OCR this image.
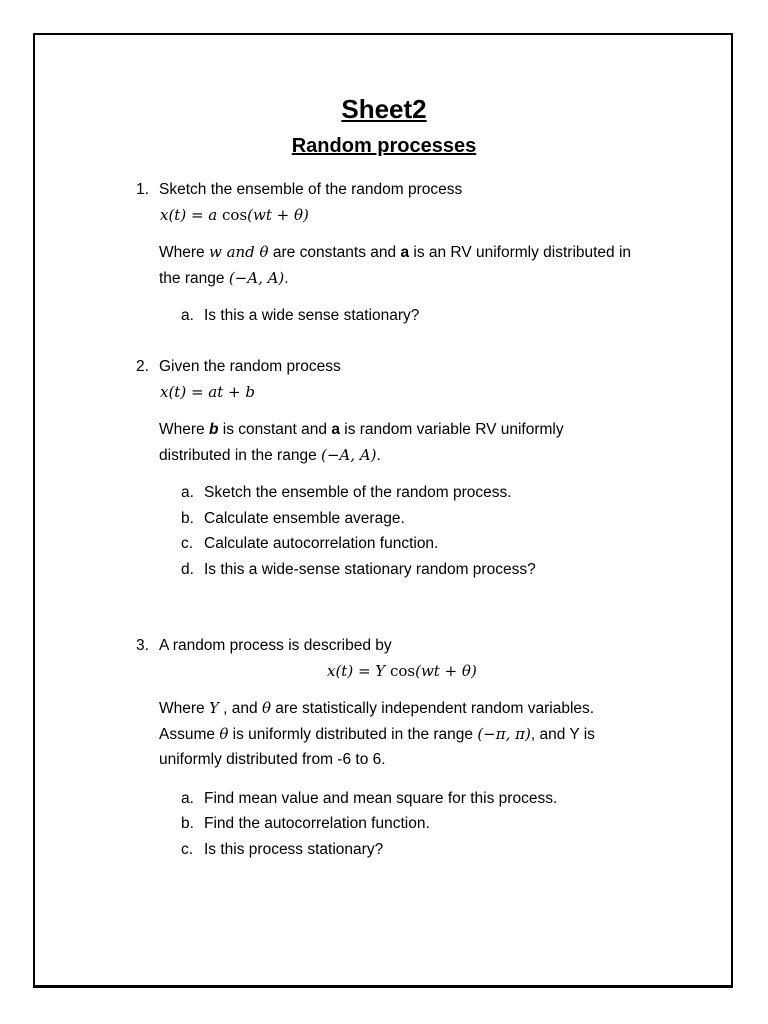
Sheet2
Random processes
1. Sketch the ensemble of the random process
x(t) = a cos(wt + θ)
Where w and θ are constants and a is an RV uniformly distributed in
the range (−A, A).
a. Is this a wide sense stationary?
2. Given the random process
x(t) = at + b
Where b is constant and a is random variable RV uniformly
distributed in the range (−A, A).
a. Sketch the ensemble of the random process.
b. Calculate ensemble average.
c. Calculate autocorrelation function.
d. Is this a wide-sense stationary random process?
3. A random process is described by
x(t) = Y cos(wt + θ)
Where Y , and θ are statistically independent random variables.
Assume θ is uniformly distributed in the range (−π, π), and Y is
uniformly distributed from -6 to 6.
a. Find mean value and mean square for this process.
b. Find the autocorrelation function.
c. Is this process stationary?
